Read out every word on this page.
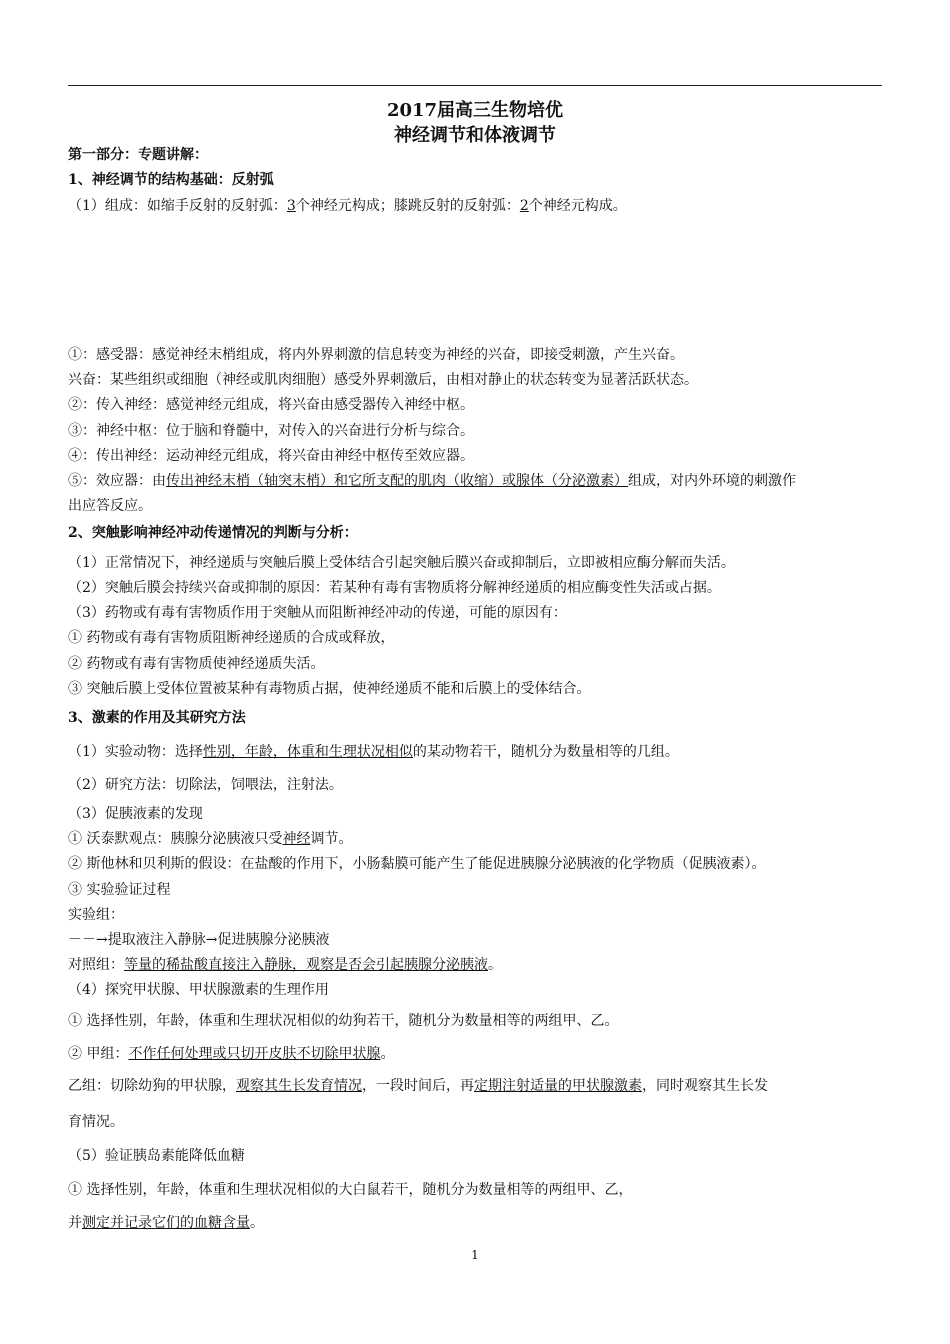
2017届高三生物培优
神经调节和体液调节
第一部分：专题讲解：
1、神经调节的结构基础：反射弧
（1）组成：如缩手反射的反射弧：3个神经元构成；膝跳反射的反射弧：2个神经元构成。
①：感受器：感觉神经末梢组成，将内外界刺激的信息转变为神经的兴奋，即接受刺激，产生兴奋。
兴奋：某些组织或细胞（神经或肌肉细胞）感受外界刺激后，由相对静止的状态转变为显著活跃状态。
②：传入神经：感觉神经元组成，将兴奋由感受器传入神经中枢。
③：神经中枢：位于脑和脊髓中，对传入的兴奋进行分析与综合。
④：传出神经：运动神经元组成，将兴奋由神经中枢传至效应器。
⑤：效应器：由传出神经末梢（轴突末梢）和它所支配的肌肉（收缩）或腺体（分泌激素）组成，对内外环境的刺激作
出应答反应。
2、突触影响神经冲动传递情况的判断与分析：
（1）正常情况下，神经递质与突触后膜上受体结合引起突触后膜兴奋或抑制后，立即被相应酶分解而失活。
（2）突触后膜会持续兴奋或抑制的原因：若某种有毒有害物质将分解神经递质的相应酶变性失活或占据。
（3）药物或有毒有害物质作用于突触从而阻断神经冲动的传递，可能的原因有：
① 药物或有毒有害物质阻断神经递质的合成或释放，
② 药物或有毒有害物质使神经递质失活。
③ 突触后膜上受体位置被某种有毒物质占据，使神经递质不能和后膜上的受体结合。
3、激素的作用及其研究方法
（1）实验动物：选择性别，年龄，体重和生理状况相似的某动物若干，随机分为数量相等的几组。
（2）研究方法：切除法，饲喂法，注射法。
（3）促胰液素的发现
① 沃泰默观点：胰腺分泌胰液只受神经调节。
② 斯他林和贝利斯的假设：在盐酸的作用下，小肠黏膜可能产生了能促进胰腺分泌胰液的化学物质（促胰液素）。
③ 实验验证过程
实验组：
－－→提取液注入静脉→促进胰腺分泌胰液
对照组：等量的稀盐酸直接注入静脉，观察是否会引起胰腺分泌胰液。
（4）探究甲状腺、甲状腺激素的生理作用
① 选择性别，年龄，体重和生理状况相似的幼狗若干，随机分为数量相等的两组甲、乙。
② 甲组：不作任何处理或只切开皮肤不切除甲状腺。
乙组：切除幼狗的甲状腺，观察其生长发育情况，一段时间后，再定期注射适量的甲状腺激素，同时观察其生长发
育情况。
（5）验证胰岛素能降低血糖
① 选择性别，年龄，体重和生理状况相似的大白鼠若干，随机分为数量相等的两组甲、乙，
并测定并记录它们的血糖含量。
1
